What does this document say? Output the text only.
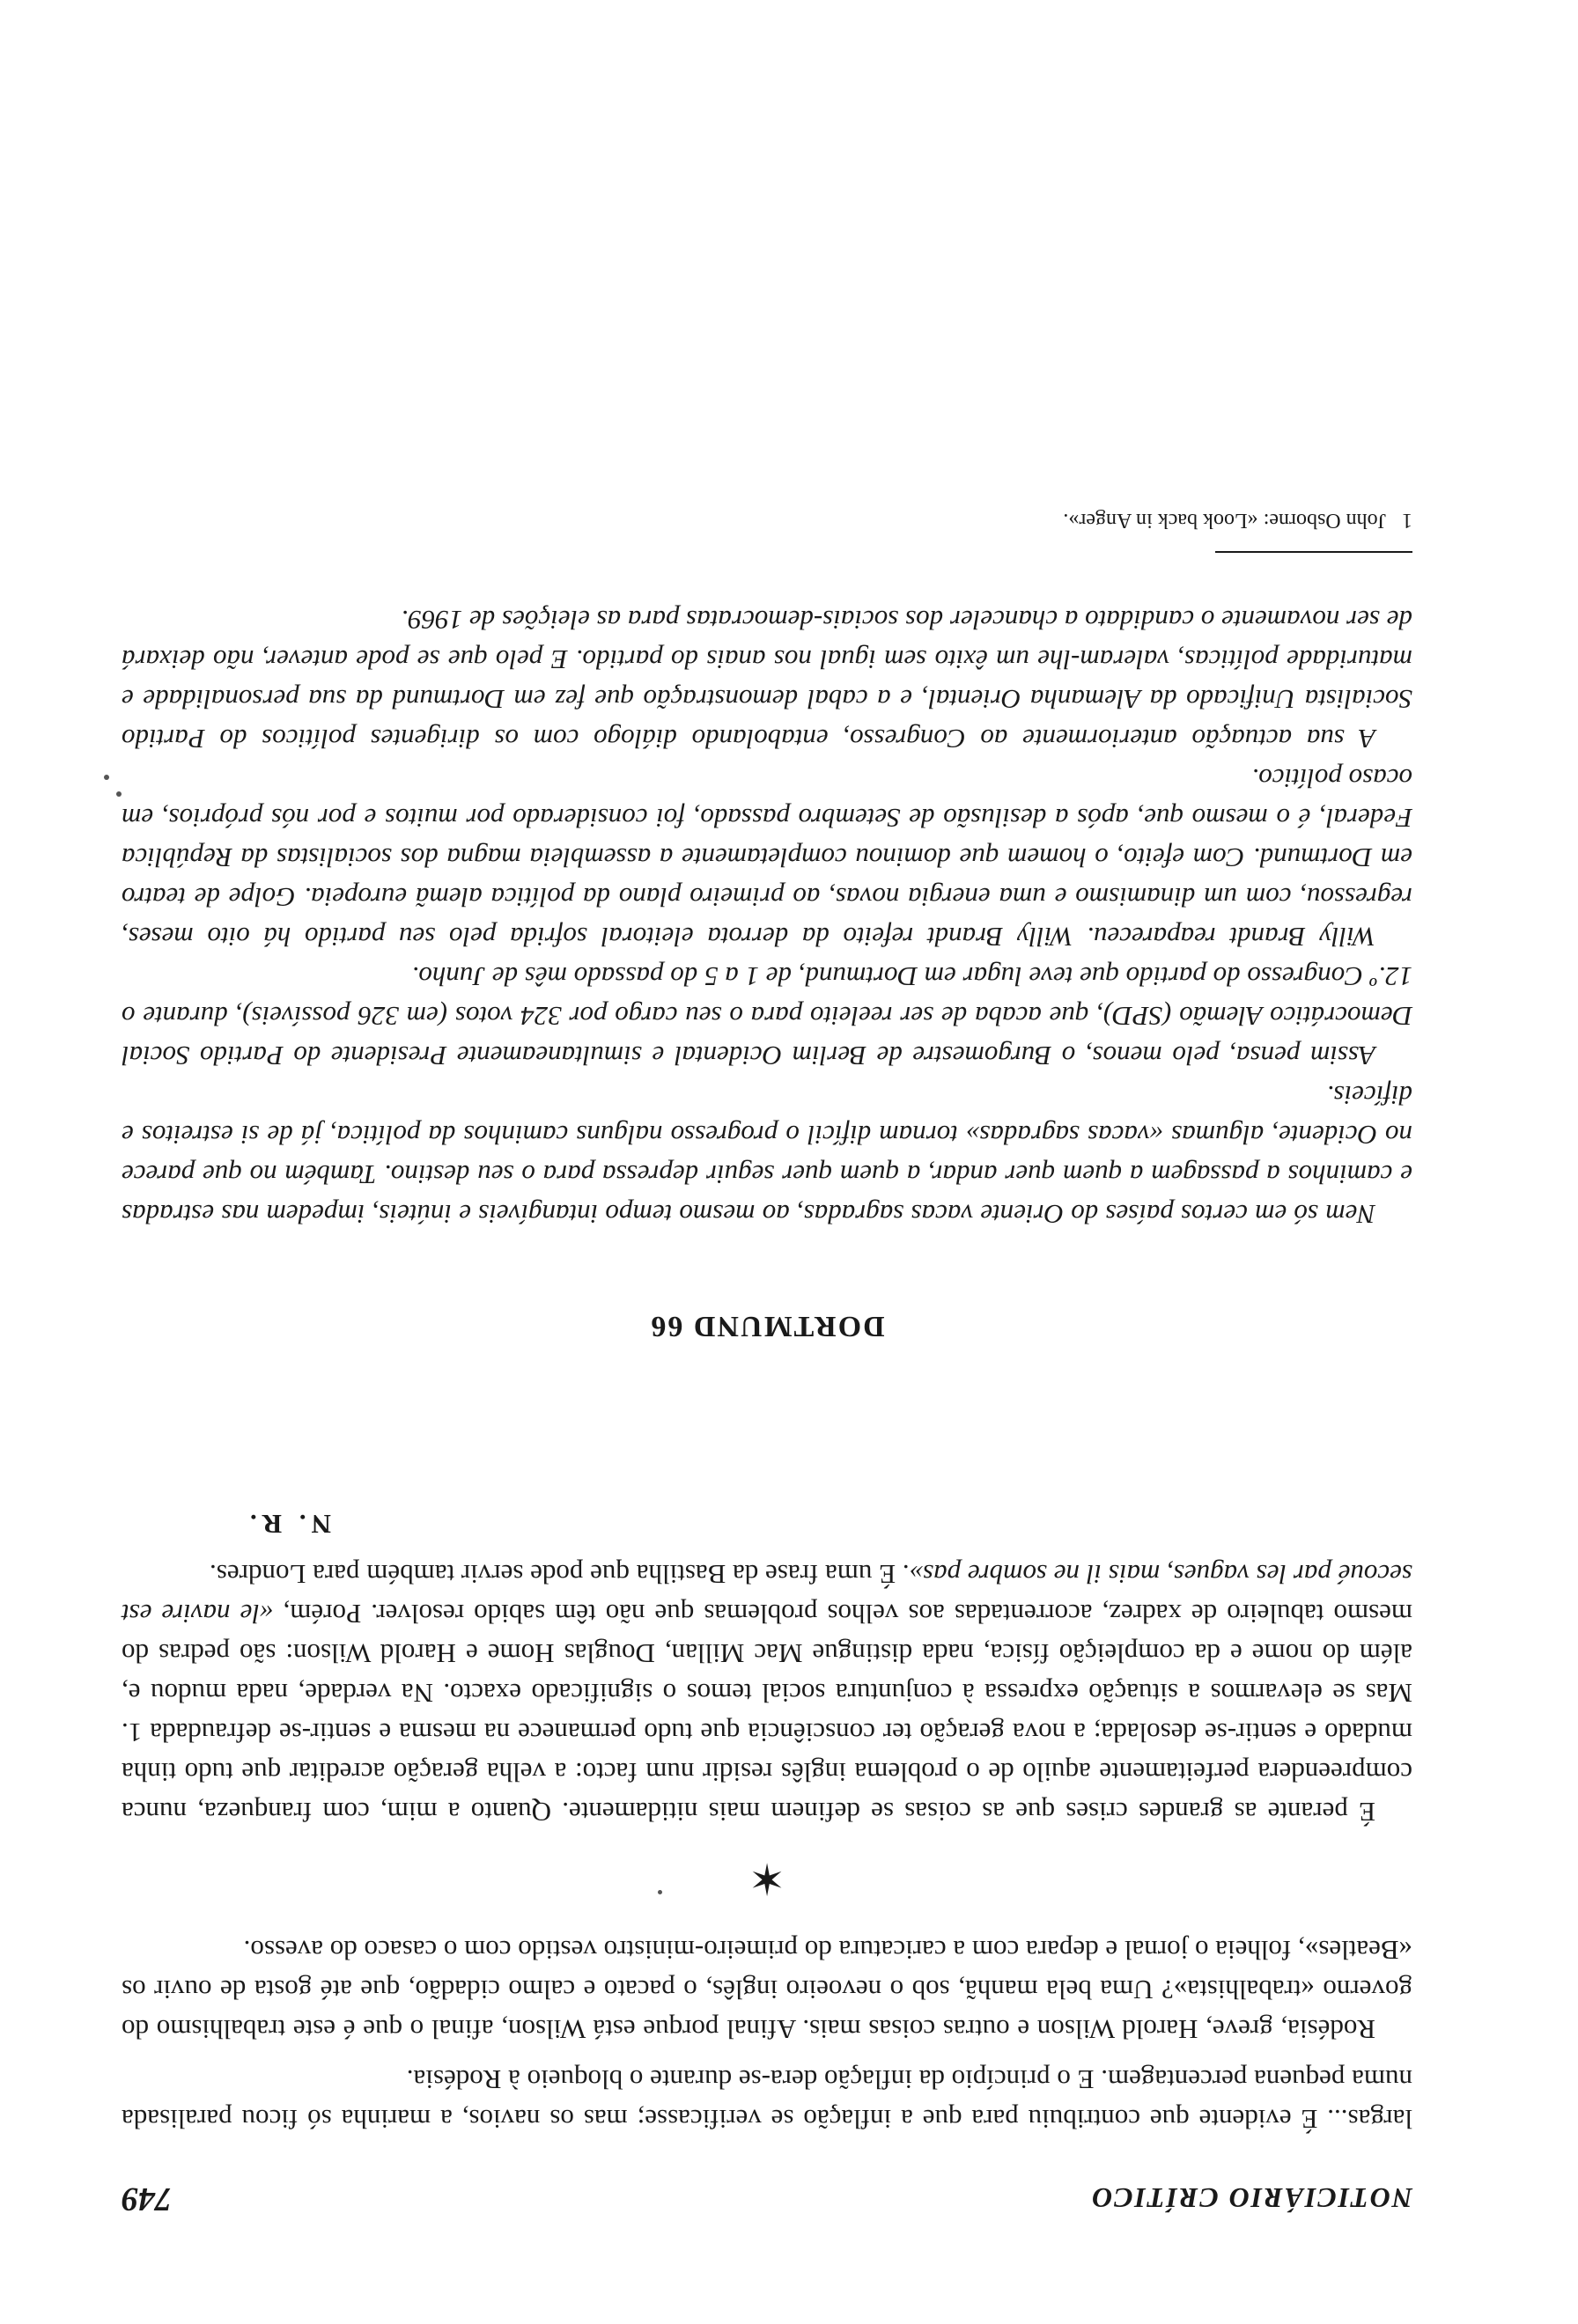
NOTICIÁRIO CRÍTICO
749

largas... É evidente que contribuiu para que a inflação se verificasse; mas os navios, a marinha só ficou paralisada numa pequena percentagem. E o princípio da inflação dera-se durante o bloqueio à Rodésia.

Rodésia, greve, Harold Wilson e outras coisas mais. Afinal porque está Wilson, afinal o que é este trabalhismo do governo «trabalhista»? Uma bela manhã, sob o nevoeiro inglês, o pacato e calmo cidadão, que até gosta de ouvir os «Beatles», folheia o jornal e depara com a caricatura do primeiro-ministro vestido com o casaco do avesso.

✶

É perante as grandes crises que as coisas se definem mais nitidamente. Quanto a mim, com franqueza, nunca compreendera perfeitamente aquilo de o problema inglês residir num facto: a velha geração acreditar que tudo tinha mudado e sentir-se desolada; a nova geração ter consciência que tudo permanece na mesma e sentir-se defraudada 1. Mas se elevarmos a situação expressa à conjuntura social temos o significado exacto. Na verdade, nada mudou e, além do nome e da compleição física, nada distingue Mac Millan, Douglas Home e Harold Wilson: são pedras do mesmo tabuleiro de xadrez, acorrentadas aos velhos problemas que não têm sabido resolver. Porém, «le navire est secoué par les vagues, mais il ne sombre pas». É uma frase da Bastilha que pode servir também para Londres.

N. R.
DORTMUND 66

Nem só em certos países do Oriente vacas sagradas, ao mesmo tempo intangíveis e inúteis, impedem nas estradas e caminhos a passagem a quem quer andar, a quem quer seguir depressa para o seu destino. Também no que parece no Ocidente, algumas «vacas sagradas» tornam difícil o progresso nalguns caminhos da política, já de si estreitos e difíceis.

Assim pensa, pelo menos, o Burgomestre de Berlim Ocidental e simultaneamente Presidente do Partido Social Democrático Alemão (SPD), que acaba de ser reeleito para o seu cargo por 324 votos (em 326 possíveis), durante o 12.º Congresso do partido que teve lugar em Dortmund, de 1 a 5 do passado mês de Junho.

Willy Brandt reapareceu. Willy Brandt refeito da derrota eleitoral sofrida pelo seu partido há oito meses, regressou, com um dinamismo e uma energia novas, ao primeiro plano da política alemã europeia. Golpe de teatro em Dortmund. Com efeito, o homem que dominou completamente a assembleia magna dos socialistas da República Federal, é o mesmo que, após a desilusão de Setembro passado, foi considerado por muitos e por nós próprios, em ocaso político.

A sua actuação anteriormente ao Congresso, entabolando diálogo com os dirigentes políticos do Partido Socialista Unificado da Alemanha Oriental, e a cabal demonstração que fez em Dortmund da sua personalidade e maturidade políticas, valeram-lhe um êxito sem igual nos anais do partido. E pelo que se pode antever, não deixará de ser novamente o candidato a chanceler dos sociais-democratas para as eleições de 1969.

1John Osborne: «Look back in Anger».
